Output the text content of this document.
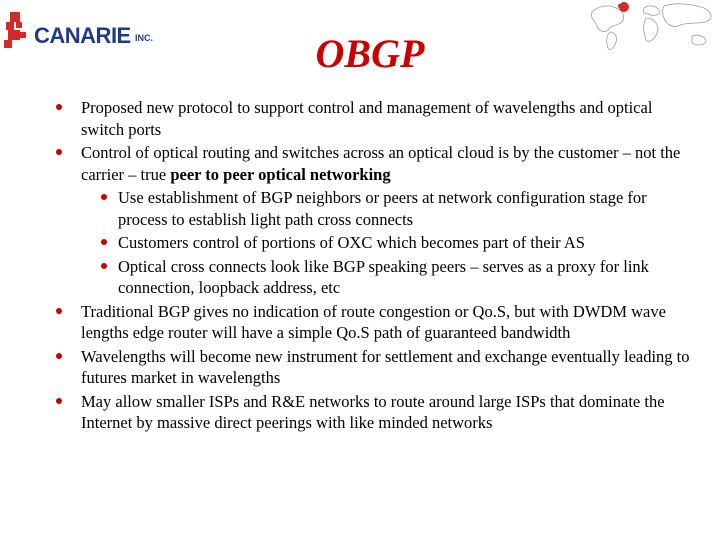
CANARIE INC.	OBGP
Proposed new protocol to support control and management of wavelengths and optical switch ports
Control of optical routing and switches across an optical cloud is by the customer – not the carrier – true peer to peer optical networking
Use establishment of BGP neighbors or peers at network configuration stage for process to establish light path cross connects
Customers control of portions of OXC which becomes part of their AS
Optical cross connects look like BGP speaking peers – serves as a proxy for link connection, loopback address, etc
Traditional BGP gives no indication of route congestion or Qo.S, but with DWDM wave lengths edge router will have a simple Qo.S path of guaranteed bandwidth
Wavelengths will become new instrument for settlement and exchange eventually leading to futures market in wavelengths
May allow smaller ISPs and R&E networks to route around large ISPs that dominate the Internet by massive direct peerings with like minded networks
